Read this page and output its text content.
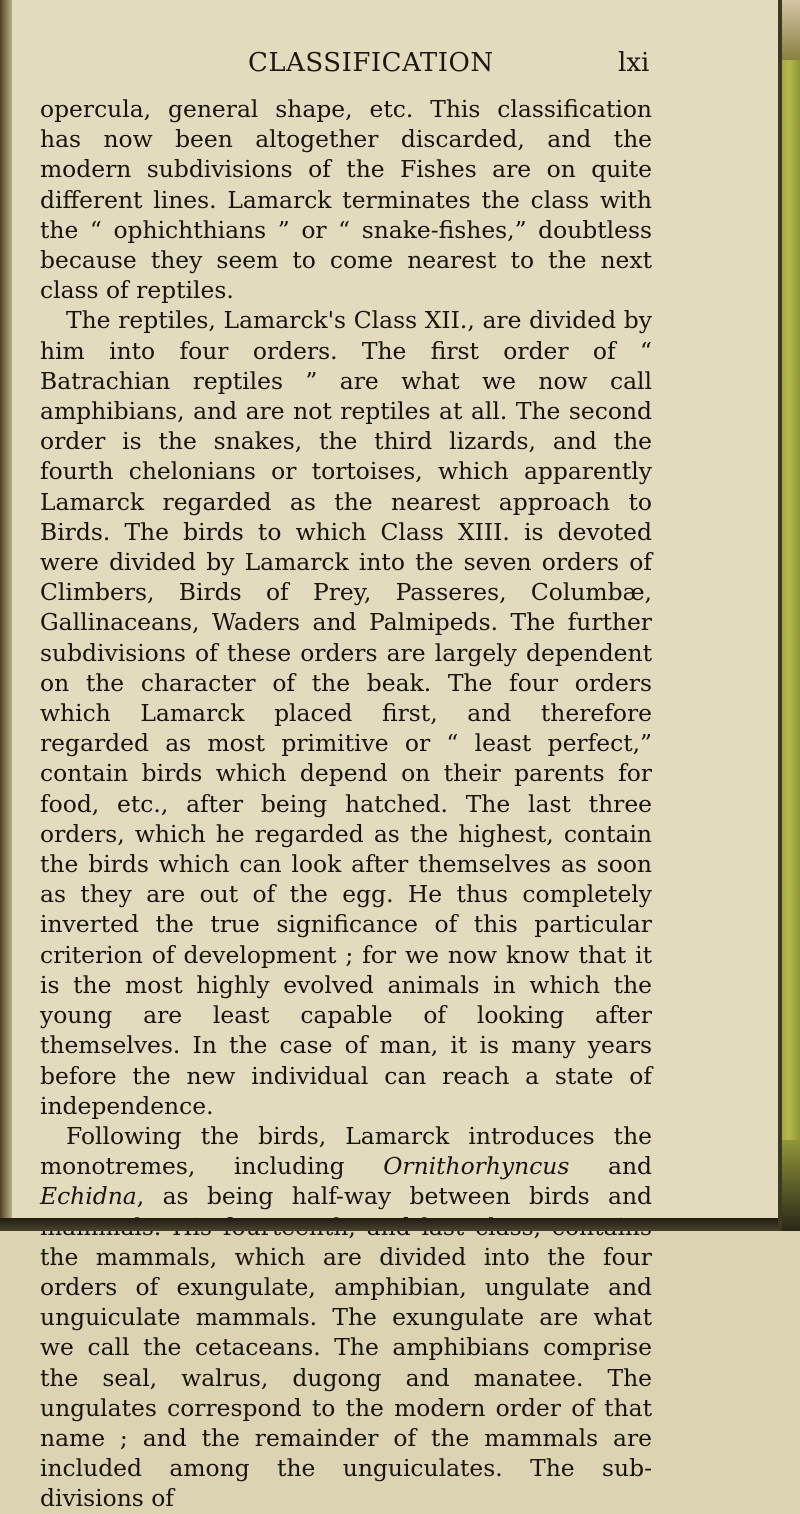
CLASSIFICATION	lxi

opercula, general shape, etc. This classification has now been altogether discarded, and the modern subdivisions of the Fishes are on quite different lines. Lamarck terminates the class with the “ ophichthians ” or “ snake-fishes,” doubtless because they seem to come nearest to the next class of reptiles.

The reptiles, Lamarck's Class XII., are divided by him into four orders. The first order of “ Batrachian reptiles ” are what we now call amphibians, and are not reptiles at all. The second order is the snakes, the third lizards, and the fourth chelonians or tortoises, which apparently Lamarck regarded as the nearest approach to Birds. The birds to which Class XIII. is devoted were divided by Lamarck into the seven orders of Climbers, Birds of Prey, Passeres, Columbæ, Gallinaceans, Waders and Palmipeds. The further subdivisions of these orders are largely dependent on the character of the beak. The four orders which Lamarck placed first, and therefore regarded as most primitive or “ least perfect,” contain birds which depend on their parents for food, etc., after being hatched. The last three orders, which he regarded as the highest, contain the birds which can look after themselves as soon as they are out of the egg. He thus completely inverted the true significance of this particular criterion of development ; for we now know that it is the most highly evolved animals in which the young are least capable of looking after themselves. In the case of man, it is many years before the new individual can reach a state of independence.

Following the birds, Lamarck introduces the monotremes, including Ornithorhyncus and Echidna, as being half-way between birds and the mammals, which are divided into the four orders of exungulate, amphibian, ungulate and unguiculate mammals. The exungulate are what we call the cetaceans. The amphibians comprise the seal, walrus, dugong and manatee. The ungulates correspond to the modern order of that name ; and the remainder of the mammals are included among the unguiculates. The sub-divisions of
